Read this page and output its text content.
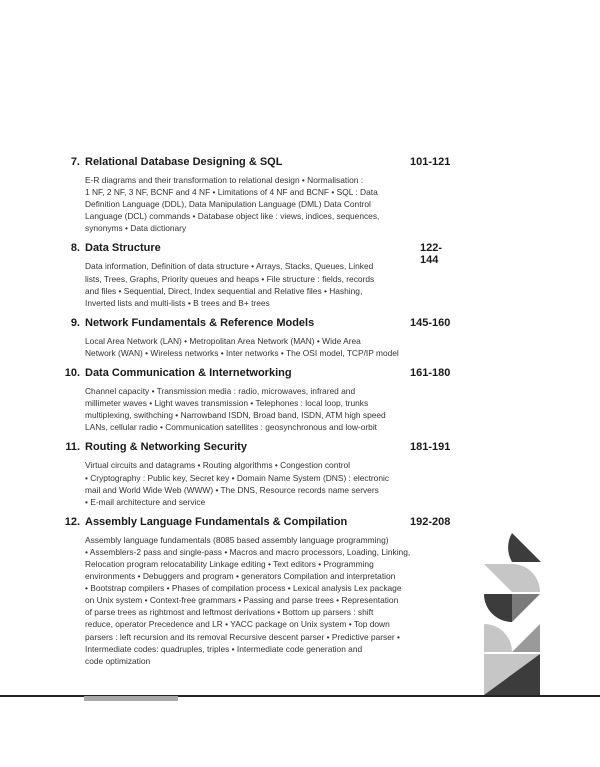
7. Relational Database Designing & SQL	101-121
E-R diagrams and their transformation to relational design • Normalisation :
1 NF, 2 NF, 3 NF, BCNF and 4 NF • Limitations of 4 NF and BCNF • SQL : Data
Definition Language (DDL), Data Manipulation Language (DML) Data Control
Language (DCL) commands • Database object like : views, indices, sequences,
synonyms • Data dictionary
8. Data Structure	122-144
Data information, Definition of data structure • Arrays, Stacks, Queues, Linked
lists, Trees, Graphs, Priority queues and heaps • File structure : fields, records
and files • Sequential, Direct, Index sequential and Relative files • Hashing,
Inverted lists and multi-lists • B trees and B+ trees
9. Network Fundamentals & Reference Models	145-160
Local Area Network (LAN) • Metropolitan Area Network (MAN) • Wide Area
Network (WAN) • Wireless networks • Inter networks • The OSI model, TCP/IP model
10. Data Communication & Internetworking	161-180
Channel capacity • Transmission media : radio, microwaves, infrared and
millimeter waves • Light waves transmission • Telephones : local loop, trunks
multiplexing, swithching • Narrowband ISDN, Broad band, ISDN, ATM high speed
LANs, cellular radio • Communication satellites : geosynchronous and low-orbit
11. Routing & Networking Security	181-191
Virtual circuits and datagrams • Routing algorithms • Congestion control
• Cryptography : Public key, Secret key • Domain Name System (DNS) : electronic
mail and World Wide Web (WWW) • The DNS, Resource records name servers
• E-mail architecture and service
12. Assembly Language Fundamentals & Compilation	192-208
Assembly language fundamentals (8085 based assembly language programming)
• Assemblers-2 pass and single-pass • Macros and macro processors, Loading, Linking,
Relocation program relocatability Linkage editing • Text editors • Programming
environments • Debuggers and program • generators Compilation and interpretation
• Bootstrap compilers • Phases of compilation process • Lexical analysis Lex package
on Unix system • Context-free grammars • Passing and parse trees • Representation
of parse trees as rightmost and leftmost derivations • Bottom up parsers : shift
reduce, operator Precedence and LR • YACC package on Unix system • Top down
parsers : left recursion and its removal Recursive descent parser • Predictive parser •
Intermediate codes: quadruples, triples • Intermediate code generation and
code optimization
